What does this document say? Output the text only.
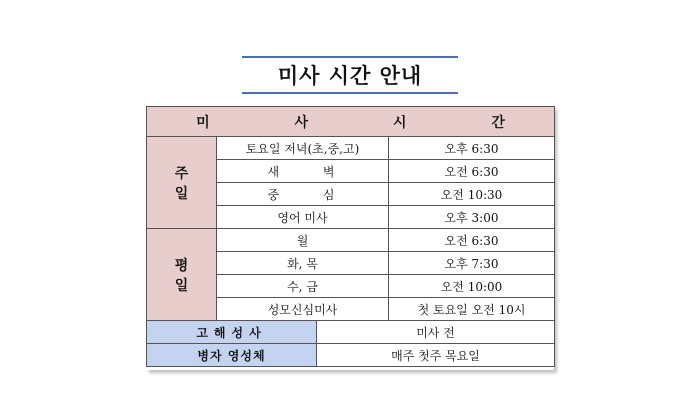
미사 시간 안내
미 사 시 간			
주 일	토요일 저녁(초,중,고)		오후 6:30
	새      벽		오전 6:30
	중      심		오전 10:30
	영어 미사		오후 3:00
평 일	월		오전 6:30
	화, 목		오후 7:30
	수, 금		오전 10:00
	성모신심미사		첫 토요일 오전 10시
고해성사		미사 전	
병자 영성체		매주 첫주 목요일	
